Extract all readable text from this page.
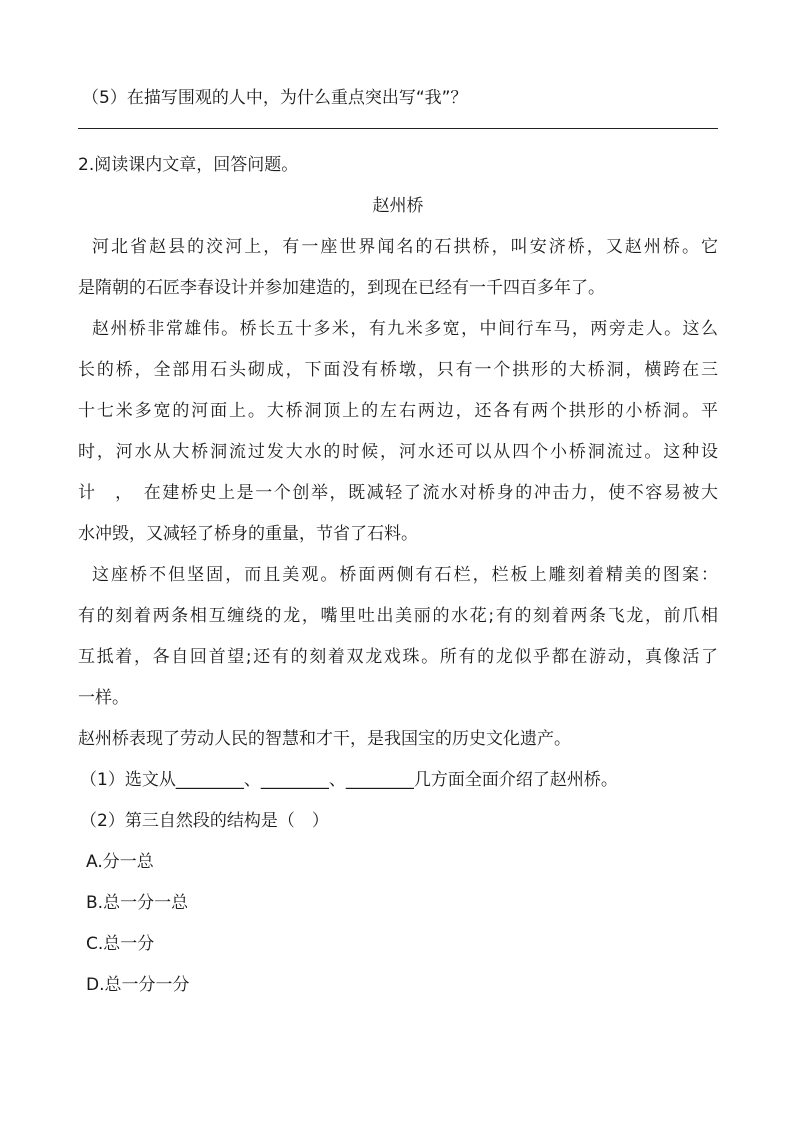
（5）在描写围观的人中，为什么重点突出写“我”？
2.阅读课内文章，回答问题。
赵州桥
河北省赵县的洨河上，有一座世界闻名的石拱桥，叫安济桥，又赵州桥。它
是隋朝的石匠李春设计并参加建造的，到现在已经有一千四百多年了。
赵州桥非常雄伟。桥长五十多米，有九米多宽，中间行车马，两旁走人。这么
长的桥，全部用石头砌成，下面没有桥墩，只有一个拱形的大桥洞，横跨在三
十七米多宽的河面上。大桥洞顶上的左右两边，还各有两个拱形的小桥洞。平
时，河水从大桥洞流过发大水的时候，河水还可以从四个小桥洞流过。这种设
计　，　在建桥史上是一个创举，既减轻了流水对桥身的冲击力，使不容易被大
水冲毁，又减轻了桥身的重量，节省了石料。
这座桥不但坚固，而且美观。桥面两侧有石栏，栏板上雕刻着精美的图案：
有的刻着两条相互缠绕的龙，嘴里吐出美丽的水花;有的刻着两条飞龙，前爪相
互抵着，各自回首望;还有的刻着双龙戏珠。所有的龙似乎都在游动，真像活了
一样。
赵州桥表现了劳动人民的智慧和才干，是我国宝的历史文化遗产。
（1）选文从________、________、________几方面全面介绍了赵州桥。
（2）第三自然段的结构是（　）
A.分一总
B.总一分一总
C.总一分
D.总一分一分
